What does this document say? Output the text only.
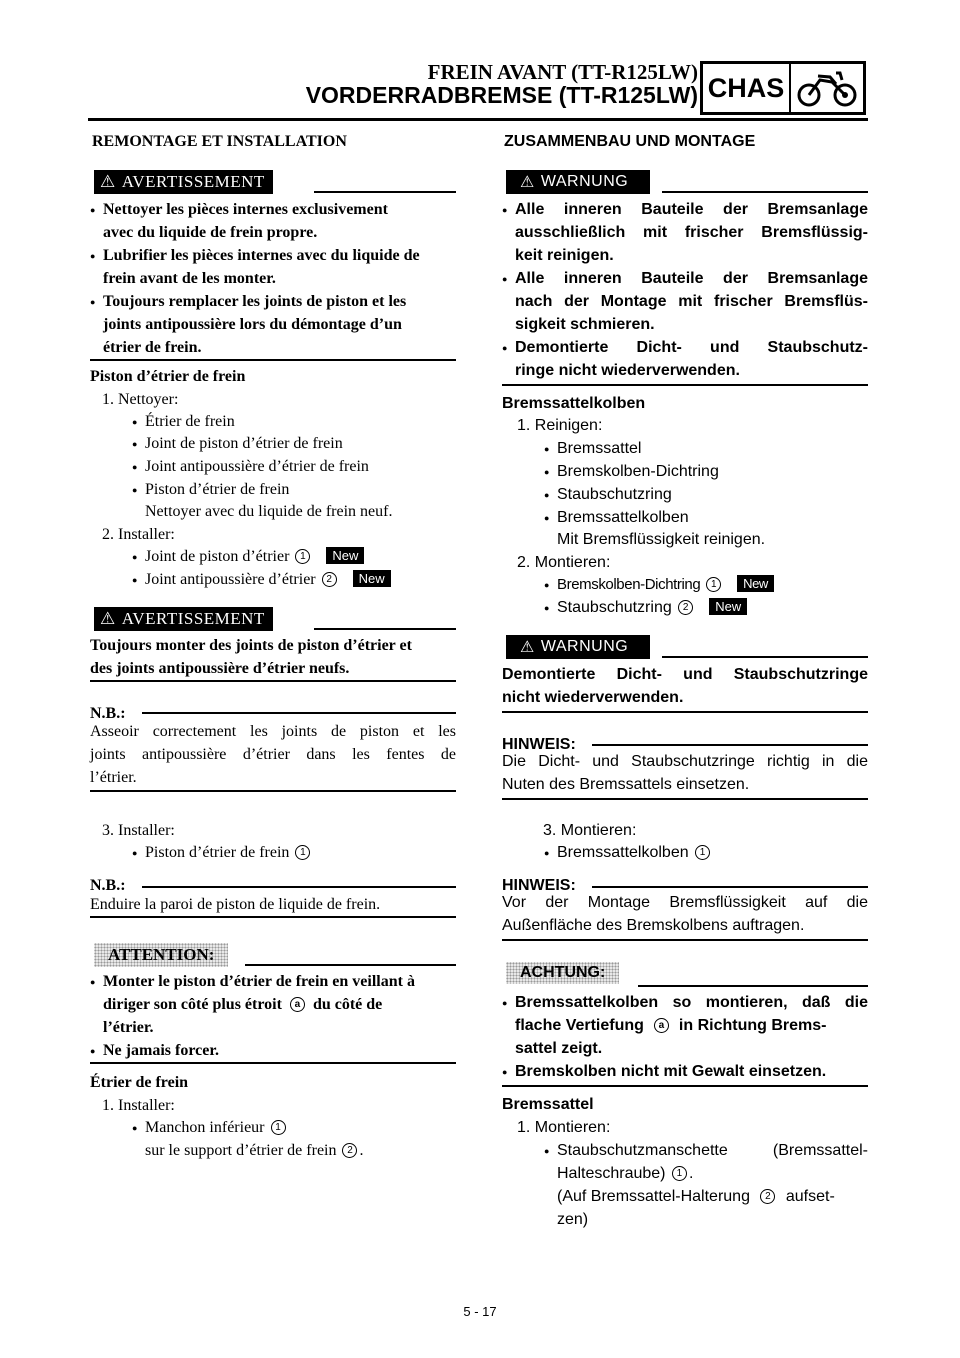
FREIN AVANT (TT-R125LW)
VORDERRADBREMSE (TT-R125LW) CHAS
REMONTAGE ET INSTALLATION
⚠ AVERTISSEMENT
● Nettoyer les pièces internes exclusivement
avec du liquide de frein propre.
● Lubrifier les pièces internes avec du liquide de
frein avant de les monter.
● Toujours remplacer les joints de piston et les
joints antipoussière lors du démontage d’un
étrier de frein.
Piston d’étrier de frein
1. Nettoyer:
● Étrier de frein
● Joint de piston d’étrier de frein
● Joint antipoussière d’étrier de frein
● Piston d’étrier de frein
Nettoyer avec du liquide de frein neuf.
2. Installer:
● Joint de piston d’étrier 1 New
● Joint antipoussière d’étrier 2 New
⚠ AVERTISSEMENT
Toujours monter des joints de piston d’étrier et
des joints antipoussière d’étrier neufs.
N.B.:
Asseoir correctement les joints de piston et les
joints antipoussière d’étrier dans les fentes de
l’étrier.
3. Installer:
● Piston d’étrier de frein 1
N.B.:
Enduire la paroi de piston de liquide de frein.
ATTENTION:
● Monter le piston d’étrier de frein en veillant à
diriger son côté plus étroit a du côté de
l’étrier.
● Ne jamais forcer.
Étrier de frein
1. Installer:
● Manchon inférieur 1
sur le support d’étrier de frein 2 .
ZUSAMMENBAU UND MONTAGE
⚠ WARNUNG
● Alle inneren Bauteile der Bremsanlage
ausschließlich mit frischer Bremsflüssig-
keit reinigen.
● Alle inneren Bauteile der Bremsanlage
nach der Montage mit frischer Bremsflüs-
sigkeit schmieren.
● Demontierte Dicht- und Staubschutz-
ringe nicht wiederverwenden.
Bremssattelkolben
1. Reinigen:
● Bremssattel
● Bremskolben-Dichtring
● Staubschutzring
● Bremssattelkolben
Mit Bremsflüssigkeit reinigen.
2. Montieren:
● Bremskolben-Dichtring 1 New
● Staubschutzring 2 New
⚠ WARNUNG
Demontierte Dicht- und Staubschutzringe
nicht wiederverwenden.
HINWEIS:
Die Dicht- und Staubschutzringe richtig in die
Nuten des Bremssattels einsetzen.
3. Montieren:
● Bremssattelkolben 1
HINWEIS:
Vor der Montage Bremsflüssigkeit auf die
Außenfläche des Bremskolbens auftragen.
ACHTUNG:
● Bremssattelkolben so montieren, daß die
flache Vertiefung a in Richtung Brems-
sattel zeigt.
● Bremskolben nicht mit Gewalt einsetzen.
Bremssattel
1. Montieren:
● Staubschutzmanschette (Bremssattel-
Halteschraube) 1 .
(Auf Bremssattel-Halterung 2 aufset-
zen)
5 - 17
